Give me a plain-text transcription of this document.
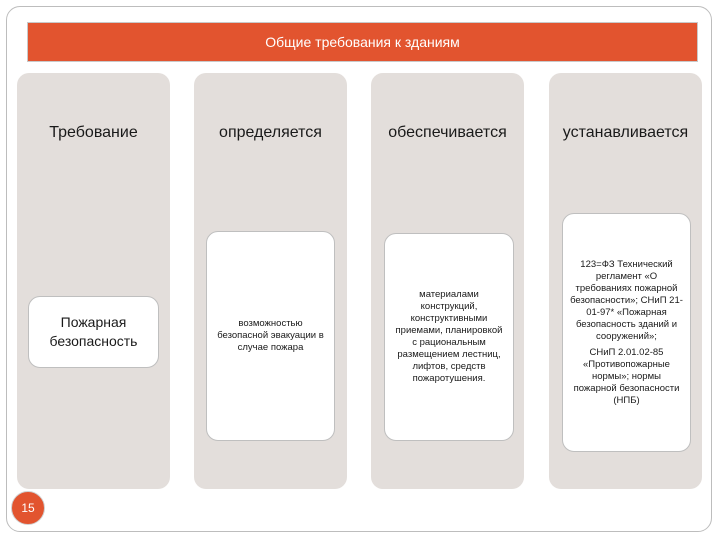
Общие требования к зданиям
Требование	определяется	обеспечивается	устанавливается
Пожарная безопасность
возможностью безопасной эвакуации в случае пожара
материалами конструкций, конструктивными приемами, планировкой с рациональным размещением лестниц, лифтов, средств пожаротушения.

123=ФЗ Технический регламент «О требованиях пожарной безопасности»; СНиП 21-01-97* «Пожарная безопасность зданий и сооружений»;

СНиП 2.01.02-85 «Противопожарные нормы»; нормы пожарной безопасности (НПБ)

15
